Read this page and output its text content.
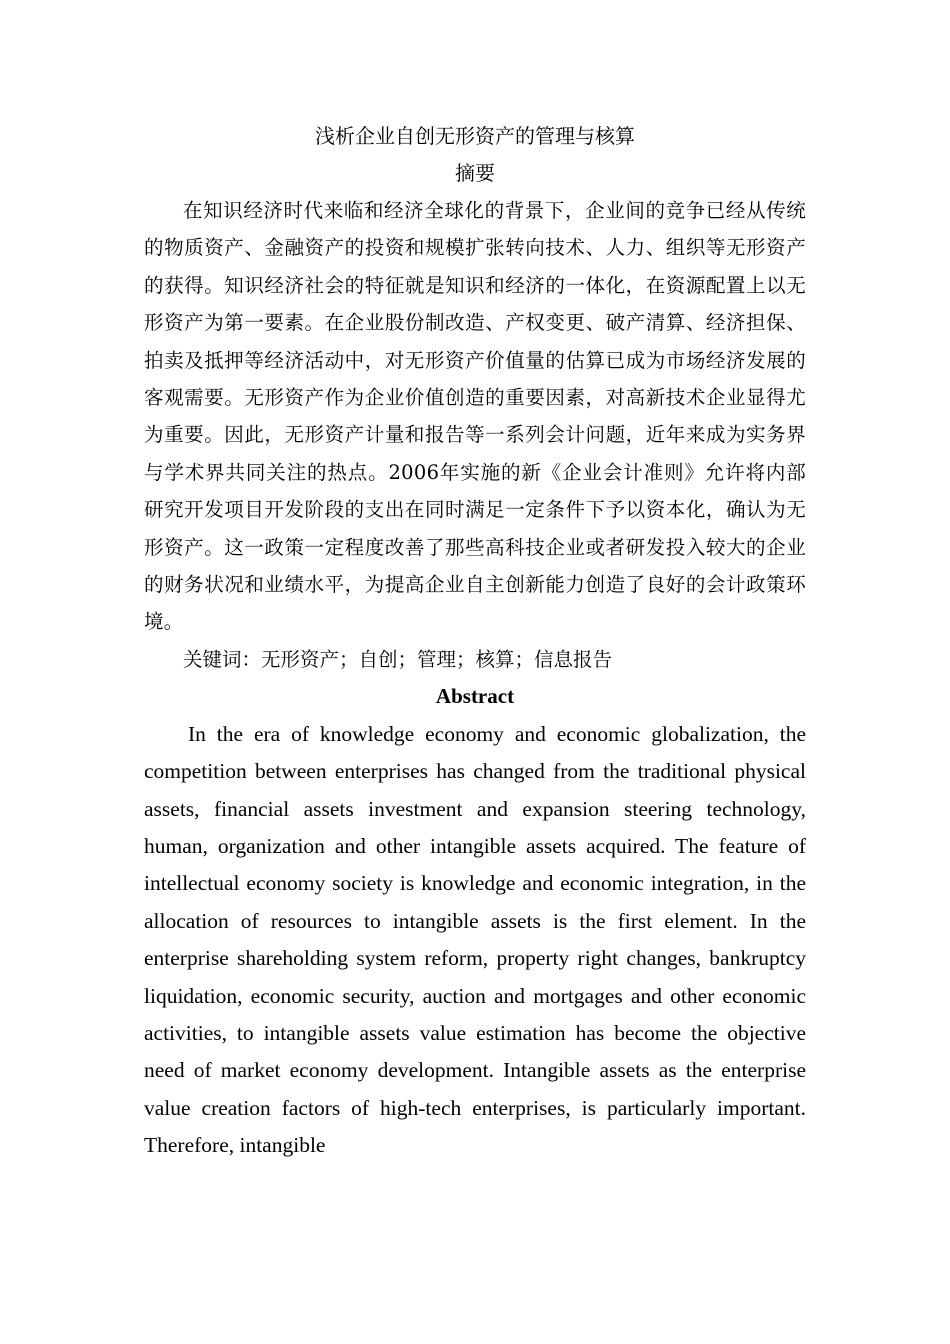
浅析企业自创无形资产的管理与核算
摘要

在知识经济时代来临和经济全球化的背景下，企业间的竞争已经从传统的物质资产、金融资产的投资和规模扩张转向技术、人力、组织等无形资产的获得。知识经济社会的特征就是知识和经济的一体化，在资源配置上以无形资产为第一要素。在企业股份制改造、产权变更、破产清算、经济担保、拍卖及抵押等经济活动中，对无形资产价值量的估算已成为市场经济发展的客观需要。无形资产作为企业价值创造的重要因素，对高新技术企业显得尤为重要。因此，无形资产计量和报告等一系列会计问题，近年来成为实务界与学术界共同关注的热点。2006年实施的新《企业会计准则》允许将内部研究开发项目开发阶段的支出在同时满足一定条件下予以资本化，确认为无形资产。这一政策一定程度改善了那些高科技企业或者研发投入较大的企业的财务状况和业绩水平，为提高企业自主创新能力创造了良好的会计政策环境。

关键词：无形资产；自创；管理；核算；信息报告

Abstract

In the era of knowledge economy and economic globalization, the competition between enterprises has changed from the traditional physical assets, financial assets investment and expansion steering technology, human, organization and other intangible assets acquired. The feature of intellectual economy society is knowledge and economic integration, in the allocation of resources to intangible assets is the first element. In the enterprise shareholding system reform, property right changes, bankruptcy liquidation, economic security, auction and mortgages and other economic activities, to intangible assets value estimation has become the objective need of market economy development. Intangible assets as the enterprise value creation factors of high-tech enterprises, is particularly important. Therefore, intangible
